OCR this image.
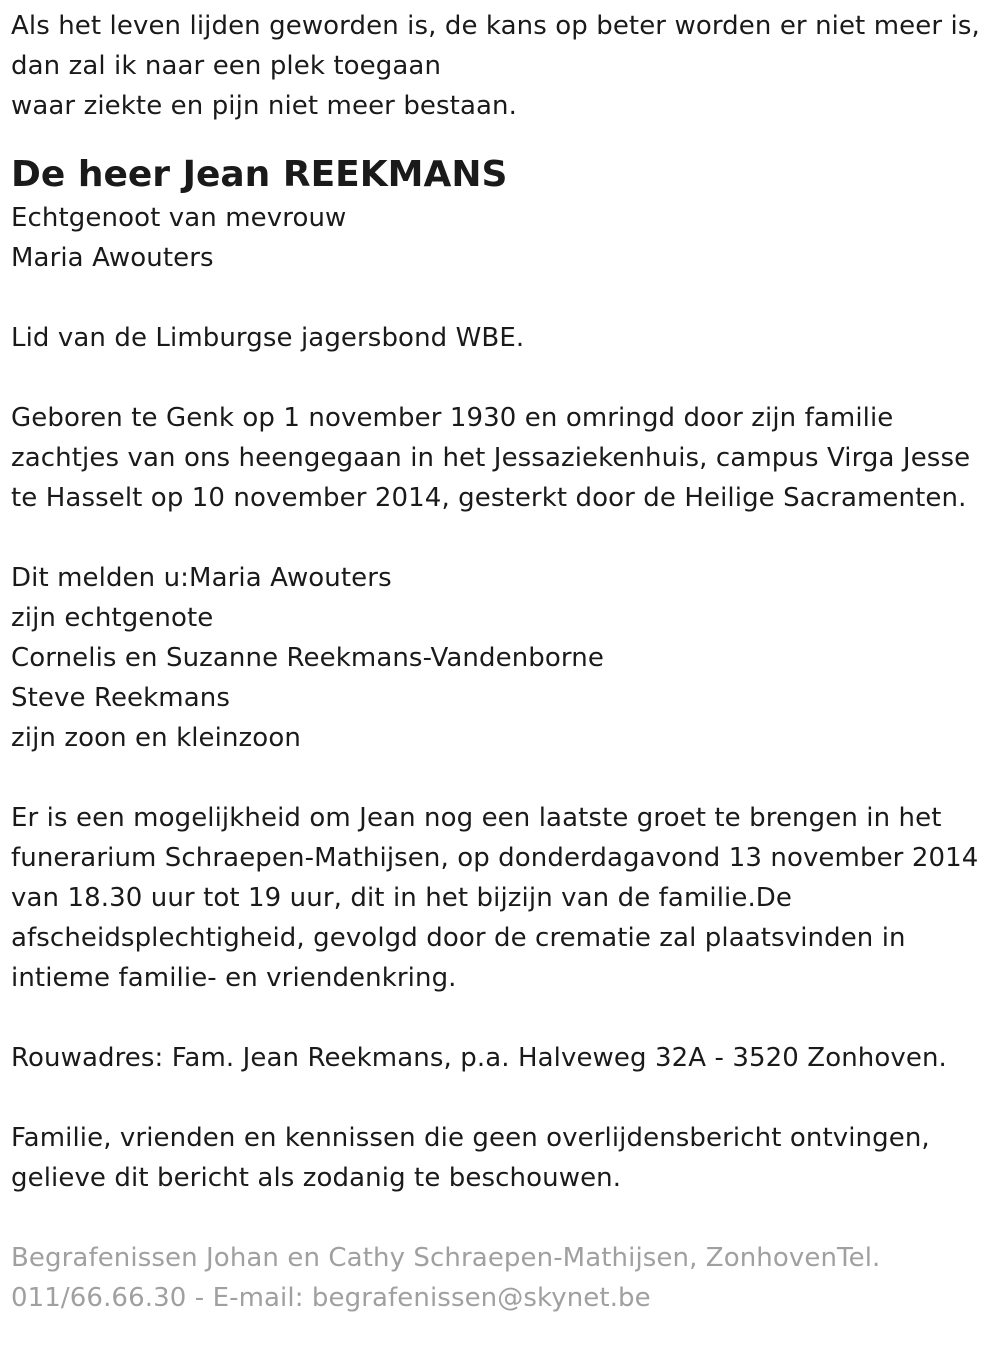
Als het leven lijden geworden is, de kans op beter worden er niet meer is,
dan zal ik naar een plek toegaan
waar ziekte en pijn niet meer bestaan.
De heer Jean REEKMANS
Echtgenoot van mevrouw
Maria Awouters
Lid van de Limburgse jagersbond WBE.
Geboren te Genk op 1 november 1930 en omringd door zijn familie
zachtjes van ons heengegaan in het Jessaziekenhuis, campus Virga Jesse
te Hasselt op 10 november 2014, gesterkt door de Heilige Sacramenten.
Dit melden u:Maria Awouters
zijn echtgenote
Cornelis en Suzanne Reekmans-Vandenborne
Steve Reekmans
zijn zoon en kleinzoon
Er is een mogelijkheid om Jean nog een laatste groet te brengen in het
funerarium Schraepen-Mathijsen, op donderdagavond 13 november 2014
van 18.30 uur tot 19 uur, dit in het bijzijn van de familie.De
afscheidsplechtigheid, gevolgd door de crematie zal plaatsvinden in
intieme familie- en vriendenkring.
Rouwadres: Fam. Jean Reekmans, p.a. Halveweg 32A - 3520 Zonhoven.
Familie, vrienden en kennissen die geen overlijdensbericht ontvingen,
gelieve dit bericht als zodanig te beschouwen.
Begrafenissen Johan en Cathy Schraepen-Mathijsen, ZonhovenTel.
011/66.66.30 - E-mail: begrafenissen@skynet.be
